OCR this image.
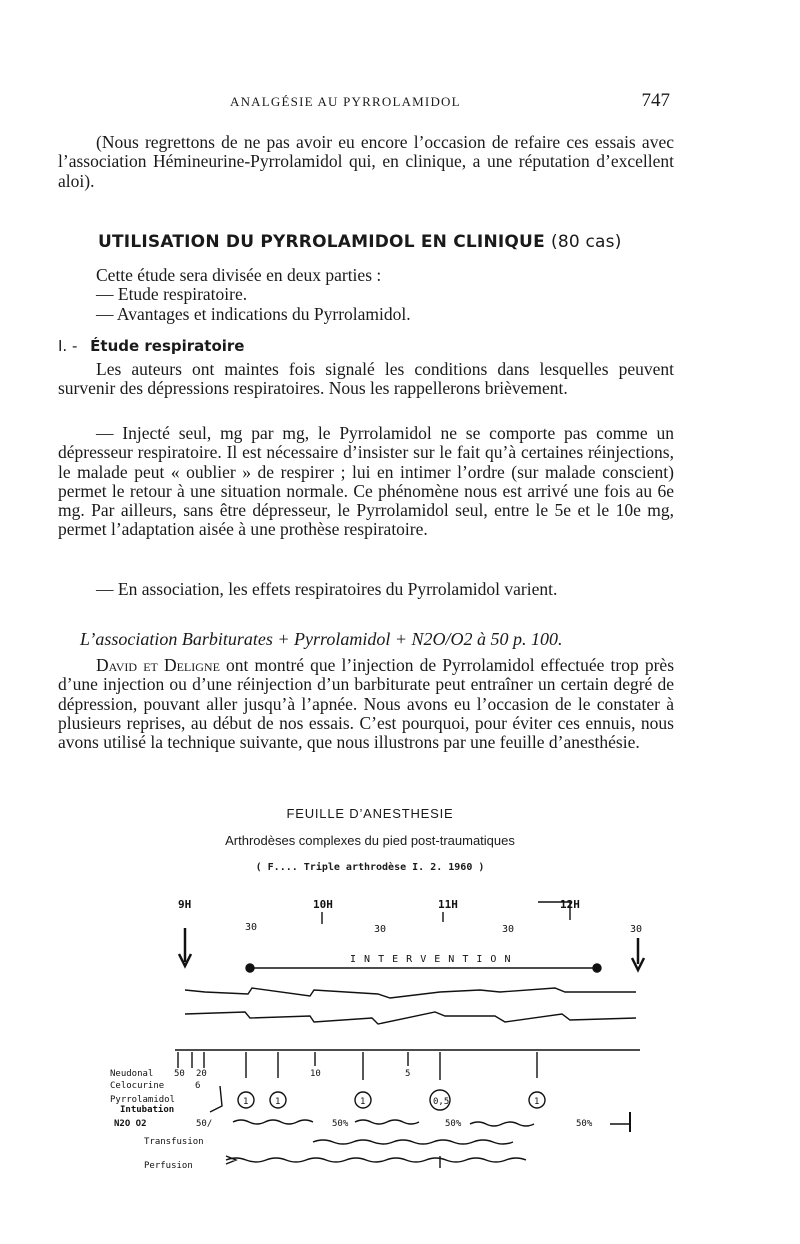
ANALGÉSIE AU PYRROLAMIDOL	747
(Nous regrettons de ne pas avoir eu encore l’occasion de refaire ces essais avec l’association Hémineurine-Pyrrolamidol qui, en clinique, a une réputation d’excellent aloi).
UTILISATION DU PYRROLAMIDOL EN CLINIQUE (80 cas)
Cette étude sera divisée en deux parties :
— Etude respiratoire.
— Avantages et indications du Pyrrolamidol.
I. - Étude respiratoire
Les auteurs ont maintes fois signalé les conditions dans lesquelles peuvent survenir des dépressions respiratoires. Nous les rappellerons brièvement.
— Injecté seul, mg par mg, le Pyrrolamidol ne se comporte pas comme un dépresseur respiratoire. Il est nécessaire d’insister sur le fait qu’à certaines réinjections, le malade peut « oublier » de respirer ; lui en intimer l’ordre (sur malade conscient) permet le retour à une situation normale. Ce phénomène nous est arrivé une fois au 6e mg. Par ailleurs, sans être dépresseur, le Pyrrolamidol seul, entre le 5e et le 10e mg, permet l’adaptation aisée à une prothèse respiratoire.
— En association, les effets respiratoires du Pyrrolamidol varient.
L’association Barbiturates + Pyrrolamidol + N2O/O2 à 50 p. 100.
David et Deligne ont montré que l’injection de Pyrrolamidol effectuée trop près d’une injection ou d’une réinjection d’un barbiturate peut entraîner un certain degré de dépression, pouvant aller jusqu’à l’apnée. Nous avons eu l’occasion de le constater à plusieurs reprises, au début de nos essais. C’est pourquoi, pour éviter ces ennuis, nous avons utilisé la technique suivante, que nous illustrons par une feuille d’anesthésie.
FEUILLE D’ANESTHESIE
Arthrodèses complexes du pied post-traumatiques
( F.... Triple arthrodèse I. 2. 1960 )
9H	10H	11H	12H
30	30	30	30
I N T E R V E N T I O N
1	1	1	0,5	1
50 20	10	5
6
50/	50%	50%	50%
Neudonal
Celocurine
Pyrrolamidol
Intubation
N2O O2
Transfusion
Perfusion
